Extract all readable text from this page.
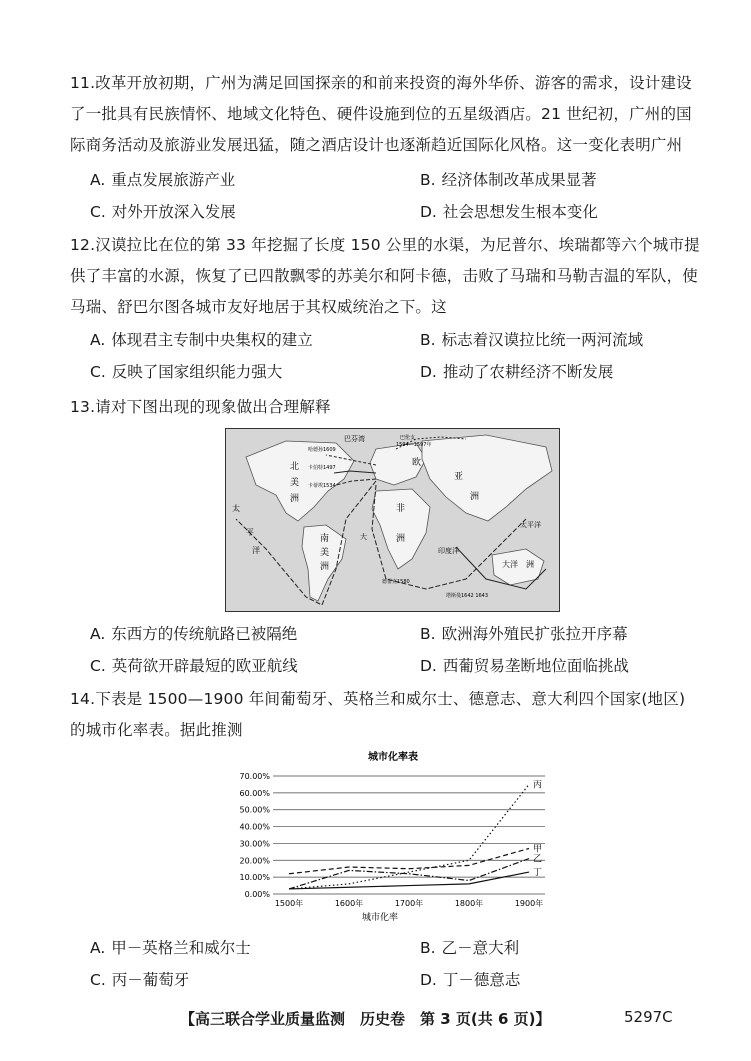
11.改革开放初期，广州为满足回国探亲的和前来投资的海外华侨、游客的需求，设计建设了一批具有民族情怀、地域文化特色、硬件设施到位的五星级酒店。21 世纪初，广州的国际商务活动及旅游业发展迅猛，随之酒店设计也逐渐趋近国际化风格。这一变化表明广州

A. 重点发展旅游产业	B. 经济体制改革成果显著
C. 对外开放深入发展	D. 社会思想发生根本变化

12.汉谟拉比在位的第 33 年挖掘了长度 150 公里的水渠，为尼普尔、埃瑞都等六个城市提供了丰富的水源，恢复了已四散飘零的苏美尔和阿卡德，击败了马瑞和马勒吉温的军队，使马瑞、舒巴尔图各城市友好地居于其权威统治之下。这

A. 体现君主专制中央集权的建立	B. 标志着汉谟拉比统一两河流域
C. 反映了国家组织能力强大	D. 推动了农耕经济不断发展

13.请对下图出现的现象做出合理解释

巴芬湾
北
美
洲
南
美
洲
欧
亚
洲
非
洲
太
平
洋
太平洋
印度洋
大
大洋 洲
哈德孙1609
卡伯特1497
卡蒂埃1534
巴伦支
1594—1597年
德雷克1580
塔斯曼1642 1643
A. 东西方的传统航路已被隔绝	B. 欧洲海外殖民扩张拉开序幕
C. 英荷欲开辟最短的欧亚航线	D. 西葡贸易垄断地位面临挑战

14.下表是 1500—1900 年间葡萄牙、英格兰和威尔士、德意志、意大利四个国家(地区)的城市化率表。据此推测

城市化率表
城市化率
丙
甲
乙
丁
0.00%
10.00%
20.00%
30.00%
40.00%
50.00%
60.00%
70.00%
1500年	1600年	1700年	1800年	1900年
A. 甲－英格兰和威尔士	B. 乙－意大利
C. 丙－葡萄牙	D. 丁－德意志
【高三联合学业质量监测　历史卷　第 3 页(共 6 页)】	5297C
